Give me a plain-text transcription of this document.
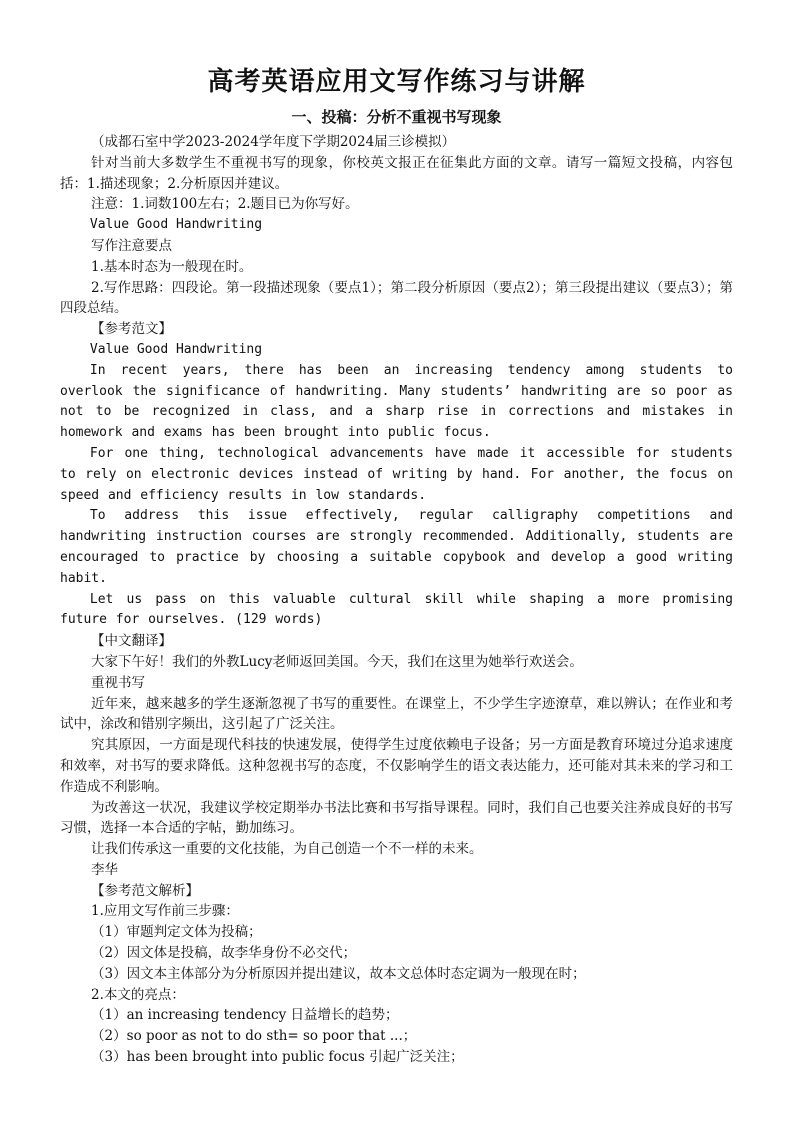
高考英语应用文写作练习与讲解
一、投稿：分析不重视书写现象

（成都石室中学2023-2024学年度下学期2024届三诊模拟）

针对当前大多数学生不重视书写的现象，你校英文报正在征集此方面的文章。请写一篇短文投稿，内容包括：1.描述现象；2.分析原因并建议。

注意：1.词数100左右；2.题目已为你写好。

Value Good Handwriting

写作注意要点

1.基本时态为一般现在时。

2.写作思路：四段论。第一段描述现象（要点1）；第二段分析原因（要点2）；第三段提出建议（要点3）；第四段总结。

【参考范文】

Value Good Handwriting

In recent years, there has been an increasing tendency among students to overlook the significance of handwriting. Many students’ handwriting are so poor as not to be recognized in class, and a sharp rise in corrections and mistakes in homework and exams has been brought into public focus.

For one thing, technological advancements have made it accessible for students to rely on electronic devices instead of writing by hand. For another, the focus on speed and efficiency results in low standards.

To address this issue effectively, regular calligraphy competitions and handwriting instruction courses are strongly recommended. Additionally, students are encouraged to practice by choosing a suitable copybook and develop a good writing habit.

Let us pass on this valuable cultural skill while shaping a more promising future for ourselves. (129 words)

【中文翻译】

大家下午好！我们的外教Lucy老师返回美国。今天，我们在这里为她举行欢送会。

重视书写

近年来，越来越多的学生逐渐忽视了书写的重要性。在课堂上，不少学生字迹潦草，难以辨认；在作业和考试中，涂改和错别字频出，这引起了广泛关注。

究其原因，一方面是现代科技的快速发展，使得学生过度依赖电子设备；另一方面是教育环境过分追求速度和效率，对书写的要求降低。这种忽视书写的态度，不仅影响学生的语文表达能力，还可能对其未来的学习和工作造成不利影响。

为改善这一状况，我建议学校定期举办书法比赛和书写指导课程。同时，我们自己也要关注养成良好的书写习惯，选择一本合适的字帖，勤加练习。

让我们传承这一重要的文化技能，为自己创造一个不一样的未来。

李华

【参考范文解析】

1.应用文写作前三步骤：

（1）审题判定文体为投稿；

（2）因文体是投稿，故李华身份不必交代；

（3）因文本主体部分为分析原因并提出建议，故本文总体时态定调为一般现在时；

2.本文的亮点：

（1）an increasing tendency 日益增长的趋势；

（2）so poor as not to do sth= so poor that ...；

（3）has been brought into public focus 引起广泛关注；
